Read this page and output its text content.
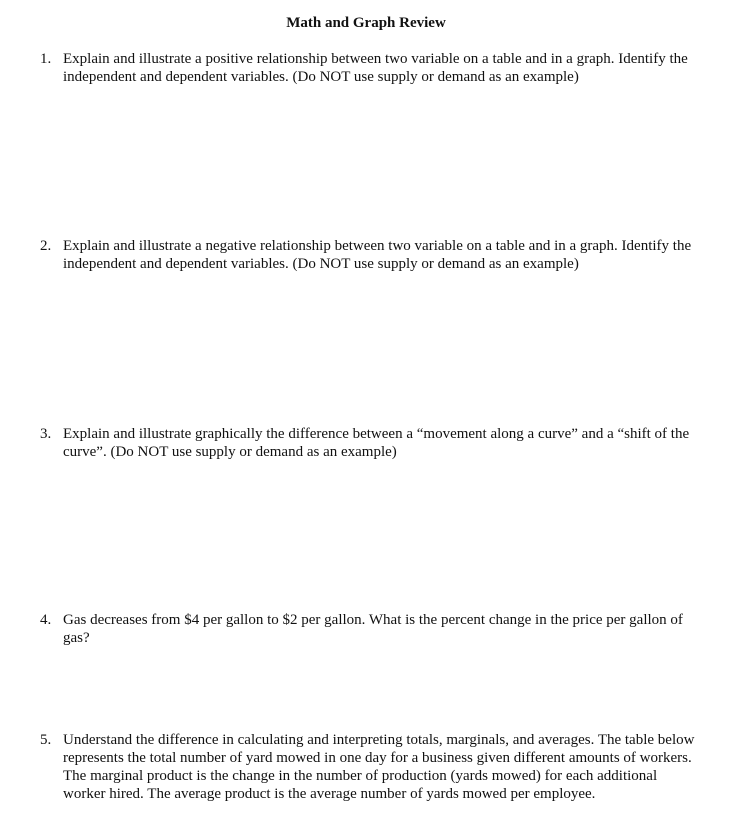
Math and Graph Review
1. Explain and illustrate a positive relationship between two variable on a table and in a graph. Identify the independent and dependent variables. (Do NOT use supply or demand as an example)
2. Explain and illustrate a negative relationship between two variable on a table and in a graph. Identify the independent and dependent variables. (Do NOT use supply or demand as an example)
3. Explain and illustrate graphically the difference between a “movement along a curve” and a “shift of the curve”. (Do NOT use supply or demand as an example)
4. Gas decreases from $4 per gallon to $2 per gallon. What is the percent change in the price per gallon of gas?
5. Understand the difference in calculating and interpreting totals, marginals, and averages. The table below represents the total number of yard mowed in one day for a business given different amounts of workers. The marginal product is the change in the number of production (yards mowed) for each additional worker hired. The average product is the average number of yards mowed per employee.
